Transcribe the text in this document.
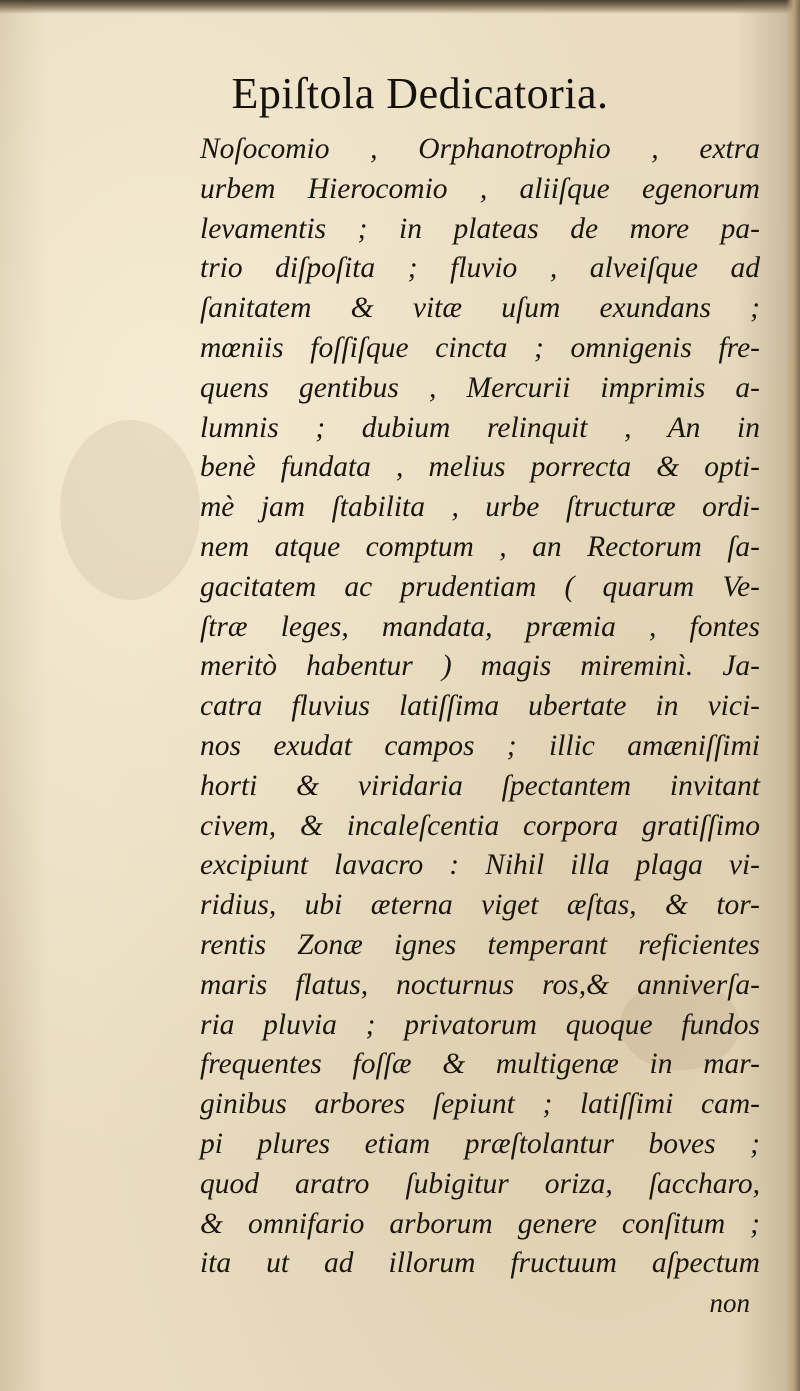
Epiſtola Dedicatoria.
Noſocomio , Orphanotrophio , extra
urbem Hierocomio , aliiſque egenorum
levamentis ; in plateas de more pa-
trio diſpoſita ; fluvio , alveiſque ad
ſanitatem & vitæ uſum exundans ;
mœniis foſſiſque cincta ; omnigenis fre-
quens gentibus , Mercurii imprimis a-
lumnis ; dubium relinquit , An in
benè fundata , melius porrecta & opti-
mè jam ſtabilita , urbe ſtructuræ ordi-
nem atque comptum , an Rectorum ſa-
gacitatem ac prudentiam ( quarum Ve-
ſtræ leges, mandata, præmia , fontes
meritò habentur ) magis mireminì. Ja-
catra fluvius latiſſima ubertate in vici-
nos exudat campos ; illic amæniſſimi
horti & viridaria ſpectantem invitant
civem, & incaleſcentia corpora gratiſſimo
excipiunt lavacro : Nihil illa plaga vi-
ridius, ubi æterna viget æſtas, & tor-
rentis Zonæ ignes temperant reficientes
maris flatus, nocturnus ros,& anniverſa-
ria pluvia ; privatorum quoque fundos
frequentes foſſæ & multigenæ in mar-
ginibus arbores ſepiunt ; latiſſimi cam-
pi plures etiam præſtolantur boves ;
quod aratro ſubigitur oriza, ſaccharo,
& omnifario arborum genere conſitum ;
ita ut ad illorum fructuum aſpectum
non
